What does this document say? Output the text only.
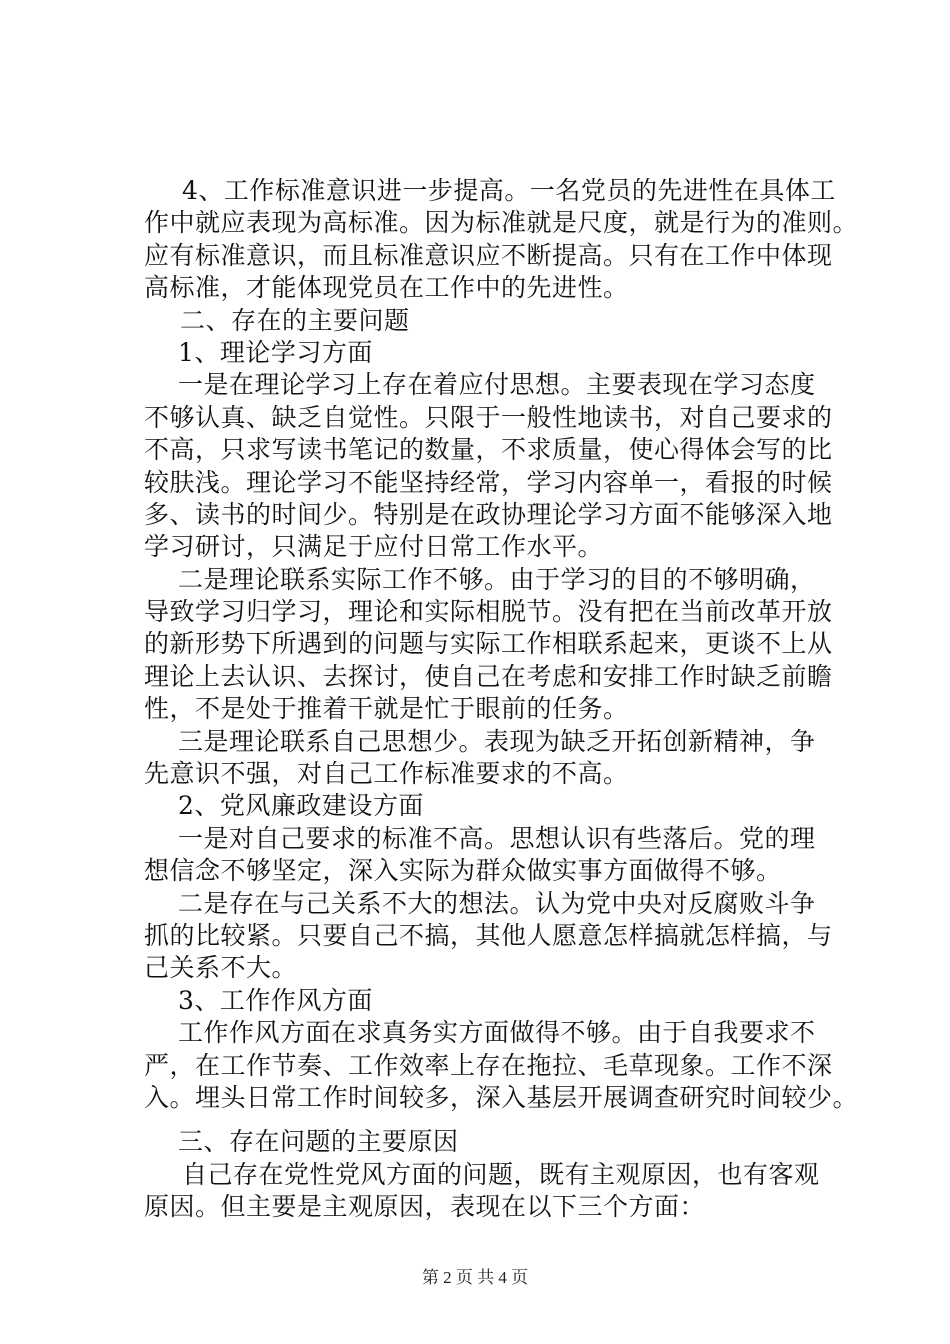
4、工作标准意识进一步提高。一名党员的先进性在具体工
作中就应表现为高标准。因为标准就是尺度，就是行为的准则。
应有标准意识，而且标准意识应不断提高。只有在工作中体现
高标准，才能体现党员在工作中的先进性。
二、存在的主要问题
1、理论学习方面
一是在理论学习上存在着应付思想。主要表现在学习态度
不够认真、缺乏自觉性。只限于一般性地读书，对自己要求的
不高，只求写读书笔记的数量，不求质量，使心得体会写的比
较肤浅。理论学习不能坚持经常，学习内容单一，看报的时候
多、读书的时间少。特别是在政协理论学习方面不能够深入地
学习研讨，只满足于应付日常工作水平。
二是理论联系实际工作不够。由于学习的目的不够明确，
导致学习归学习，理论和实际相脱节。没有把在当前改革开放
的新形势下所遇到的问题与实际工作相联系起来，更谈不上从
理论上去认识、去探讨，使自己在考虑和安排工作时缺乏前瞻
性，不是处于推着干就是忙于眼前的任务。
三是理论联系自己思想少。表现为缺乏开拓创新精神，争
先意识不强，对自己工作标准要求的不高。
2、党风廉政建设方面
一是对自己要求的标准不高。思想认识有些落后。党的理
想信念不够坚定，深入实际为群众做实事方面做得不够。
二是存在与己关系不大的想法。认为党中央对反腐败斗争
抓的比较紧。只要自己不搞，其他人愿意怎样搞就怎样搞，与
己关系不大。
3、工作作风方面
工作作风方面在求真务实方面做得不够。由于自我要求不
严，在工作节奏、工作效率上存在拖拉、毛草现象。工作不深
入。埋头日常工作时间较多，深入基层开展调查研究时间较少。
三、存在问题的主要原因
自己存在党性党风方面的问题，既有主观原因，也有客观
原因。但主要是主观原因，表现在以下三个方面：
第 2 页 共 4 页
